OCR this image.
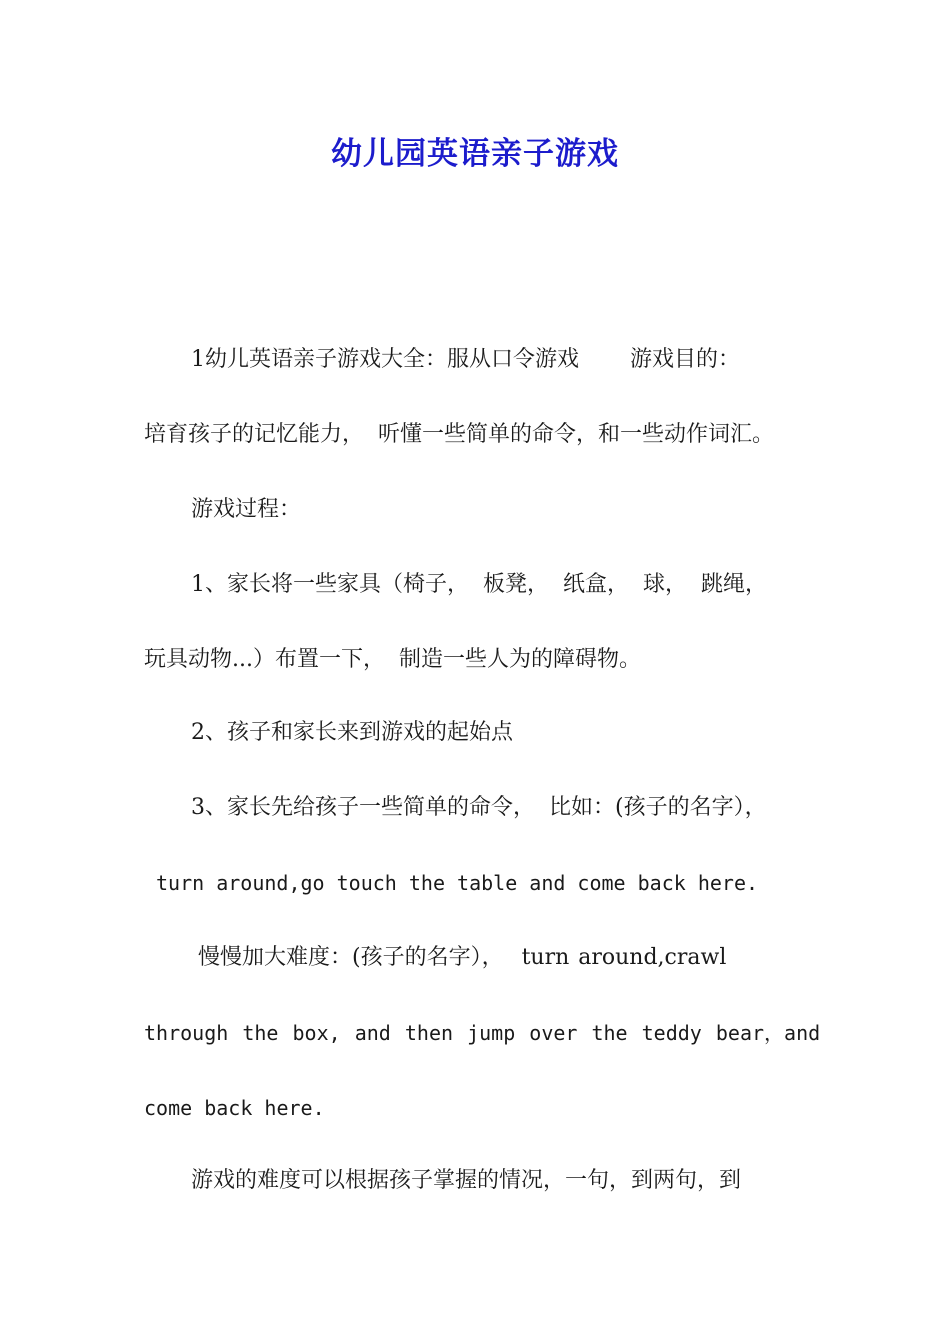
幼儿园英语亲子游戏

1幼儿英语亲子游戏大全：服从口令游戏　　 游戏目的：

培育孩子的记忆能力，  听懂一些简单的命令，和一些动作词汇。

游戏过程：

1、家长将一些家具（椅子，  板凳，  纸盒，  球，  跳绳，

玩具动物...）布置一下，  制造一些人为的障碍物。

2、孩子和家长来到游戏的起始点

3、家长先给孩子一些简单的命令，  比如：(孩子的名字），

turn around,go touch the table and come back here.

慢慢加大难度：(孩子的名字），  turn around,crawl

through the box, and then jump over the teddy bear，and

come back here.

游戏的难度可以根据孩子掌握的情况，一句，到两句，到
